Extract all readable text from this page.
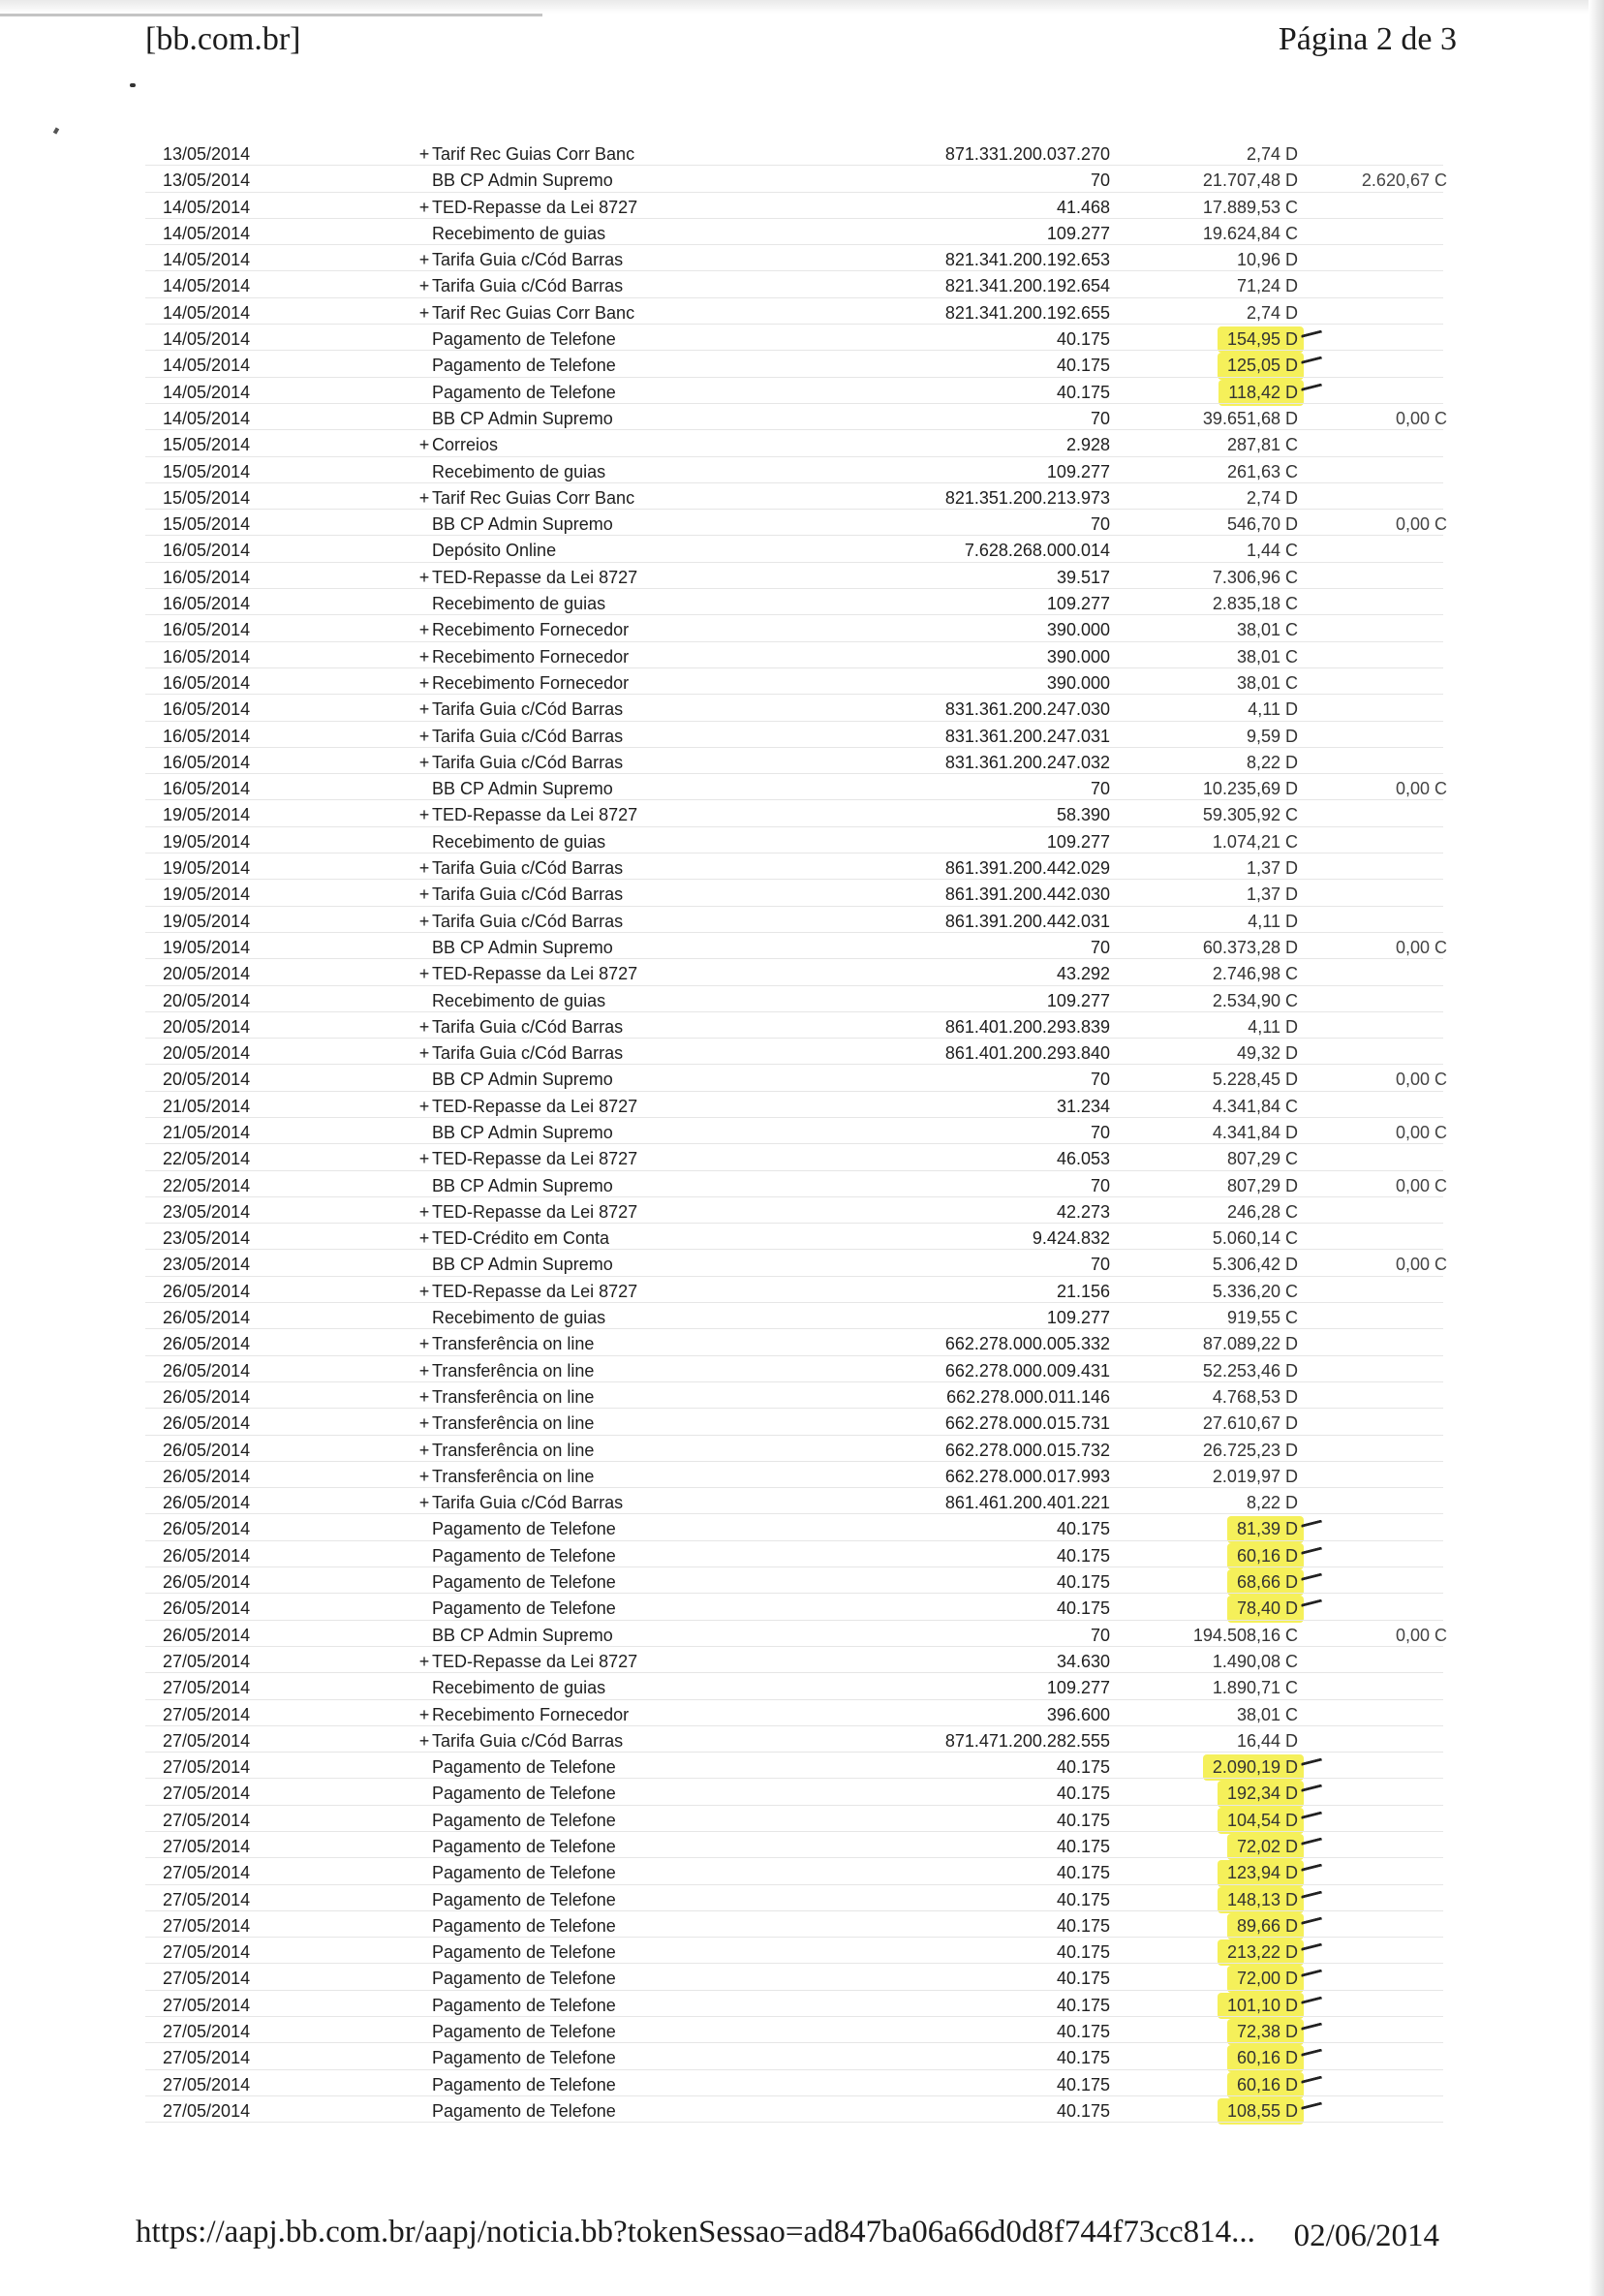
[bb.com.br]	Página 2 de 3
13/05/2014	+ Tarif Rec Guias Corr Banc	871.331.200.037.270	2,74 D
13/05/2014	BB CP Admin Supremo	70	21.707,48 D	2.620,67 C
14/05/2014	+ TED-Repasse da Lei 8727	41.468	17.889,53 C
14/05/2014	Recebimento de guias	109.277	19.624,84 C
14/05/2014	+ Tarifa Guia c/Cód Barras	821.341.200.192.653	10,96 D
14/05/2014	+ Tarifa Guia c/Cód Barras	821.341.200.192.654	71,24 D
14/05/2014	+ Tarif Rec Guias Corr Banc	821.341.200.192.655	2,74 D
14/05/2014	Pagamento de Telefone	40.175	154,95 D
14/05/2014	Pagamento de Telefone	40.175	125,05 D
14/05/2014	Pagamento de Telefone	40.175	118,42 D
14/05/2014	BB CP Admin Supremo	70	39.651,68 D	0,00 C
15/05/2014	+ Correios	2.928	287,81 C
15/05/2014	Recebimento de guias	109.277	261,63 C
15/05/2014	+ Tarif Rec Guias Corr Banc	821.351.200.213.973	2,74 D
15/05/2014	BB CP Admin Supremo	70	546,70 D	0,00 C
16/05/2014	Depósito Online	7.628.268.000.014	1,44 C
16/05/2014	+ TED-Repasse da Lei 8727	39.517	7.306,96 C
16/05/2014	Recebimento de guias	109.277	2.835,18 C
16/05/2014	+ Recebimento Fornecedor	390.000	38,01 C
16/05/2014	+ Recebimento Fornecedor	390.000	38,01 C
16/05/2014	+ Recebimento Fornecedor	390.000	38,01 C
16/05/2014	+ Tarifa Guia c/Cód Barras	831.361.200.247.030	4,11 D
16/05/2014	+ Tarifa Guia c/Cód Barras	831.361.200.247.031	9,59 D
16/05/2014	+ Tarifa Guia c/Cód Barras	831.361.200.247.032	8,22 D
16/05/2014	BB CP Admin Supremo	70	10.235,69 D	0,00 C
19/05/2014	+ TED-Repasse da Lei 8727	58.390	59.305,92 C
19/05/2014	Recebimento de guias	109.277	1.074,21 C
19/05/2014	+ Tarifa Guia c/Cód Barras	861.391.200.442.029	1,37 D
19/05/2014	+ Tarifa Guia c/Cód Barras	861.391.200.442.030	1,37 D
19/05/2014	+ Tarifa Guia c/Cód Barras	861.391.200.442.031	4,11 D
19/05/2014	BB CP Admin Supremo	70	60.373,28 D	0,00 C
20/05/2014	+ TED-Repasse da Lei 8727	43.292	2.746,98 C
20/05/2014	Recebimento de guias	109.277	2.534,90 C
20/05/2014	+ Tarifa Guia c/Cód Barras	861.401.200.293.839	4,11 D
20/05/2014	+ Tarifa Guia c/Cód Barras	861.401.200.293.840	49,32 D
20/05/2014	BB CP Admin Supremo	70	5.228,45 D	0,00 C
21/05/2014	+ TED-Repasse da Lei 8727	31.234	4.341,84 C
21/05/2014	BB CP Admin Supremo	70	4.341,84 D	0,00 C
22/05/2014	+ TED-Repasse da Lei 8727	46.053	807,29 C
22/05/2014	BB CP Admin Supremo	70	807,29 D	0,00 C
23/05/2014	+ TED-Repasse da Lei 8727	42.273	246,28 C
23/05/2014	+ TED-Crédito em Conta	9.424.832	5.060,14 C
23/05/2014	BB CP Admin Supremo	70	5.306,42 D	0,00 C
26/05/2014	+ TED-Repasse da Lei 8727	21.156	5.336,20 C
26/05/2014	Recebimento de guias	109.277	919,55 C
26/05/2014	+ Transferência on line	662.278.000.005.332	87.089,22 D
26/05/2014	+ Transferência on line	662.278.000.009.431	52.253,46 D
26/05/2014	+ Transferência on line	662.278.000.011.146	4.768,53 D
26/05/2014	+ Transferência on line	662.278.000.015.731	27.610,67 D
26/05/2014	+ Transferência on line	662.278.000.015.732	26.725,23 D
26/05/2014	+ Transferência on line	662.278.000.017.993	2.019,97 D
26/05/2014	+ Tarifa Guia c/Cód Barras	861.461.200.401.221	8,22 D
26/05/2014	Pagamento de Telefone	40.175	81,39 D
26/05/2014	Pagamento de Telefone	40.175	60,16 D
26/05/2014	Pagamento de Telefone	40.175	68,66 D
26/05/2014	Pagamento de Telefone	40.175	78,40 D
26/05/2014	BB CP Admin Supremo	70	194.508,16 C	0,00 C
27/05/2014	+ TED-Repasse da Lei 8727	34.630	1.490,08 C
27/05/2014	Recebimento de guias	109.277	1.890,71 C
27/05/2014	+ Recebimento Fornecedor	396.600	38,01 C
27/05/2014	+ Tarifa Guia c/Cód Barras	871.471.200.282.555	16,44 D
27/05/2014	Pagamento de Telefone	40.175	2.090,19 D
27/05/2014	Pagamento de Telefone	40.175	192,34 D
27/05/2014	Pagamento de Telefone	40.175	104,54 D
27/05/2014	Pagamento de Telefone	40.175	72,02 D
27/05/2014	Pagamento de Telefone	40.175	123,94 D
27/05/2014	Pagamento de Telefone	40.175	148,13 D
27/05/2014	Pagamento de Telefone	40.175	89,66 D
27/05/2014	Pagamento de Telefone	40.175	213,22 D
27/05/2014	Pagamento de Telefone	40.175	72,00 D
27/05/2014	Pagamento de Telefone	40.175	101,10 D
27/05/2014	Pagamento de Telefone	40.175	72,38 D
27/05/2014	Pagamento de Telefone	40.175	60,16 D
27/05/2014	Pagamento de Telefone	40.175	60,16 D
27/05/2014	Pagamento de Telefone	40.175	108,55 D
https://aapj.bb.com.br/aapj/noticia.bb?tokenSessao=ad847ba06a66d0d8f744f73cc814... 02/06/2014
